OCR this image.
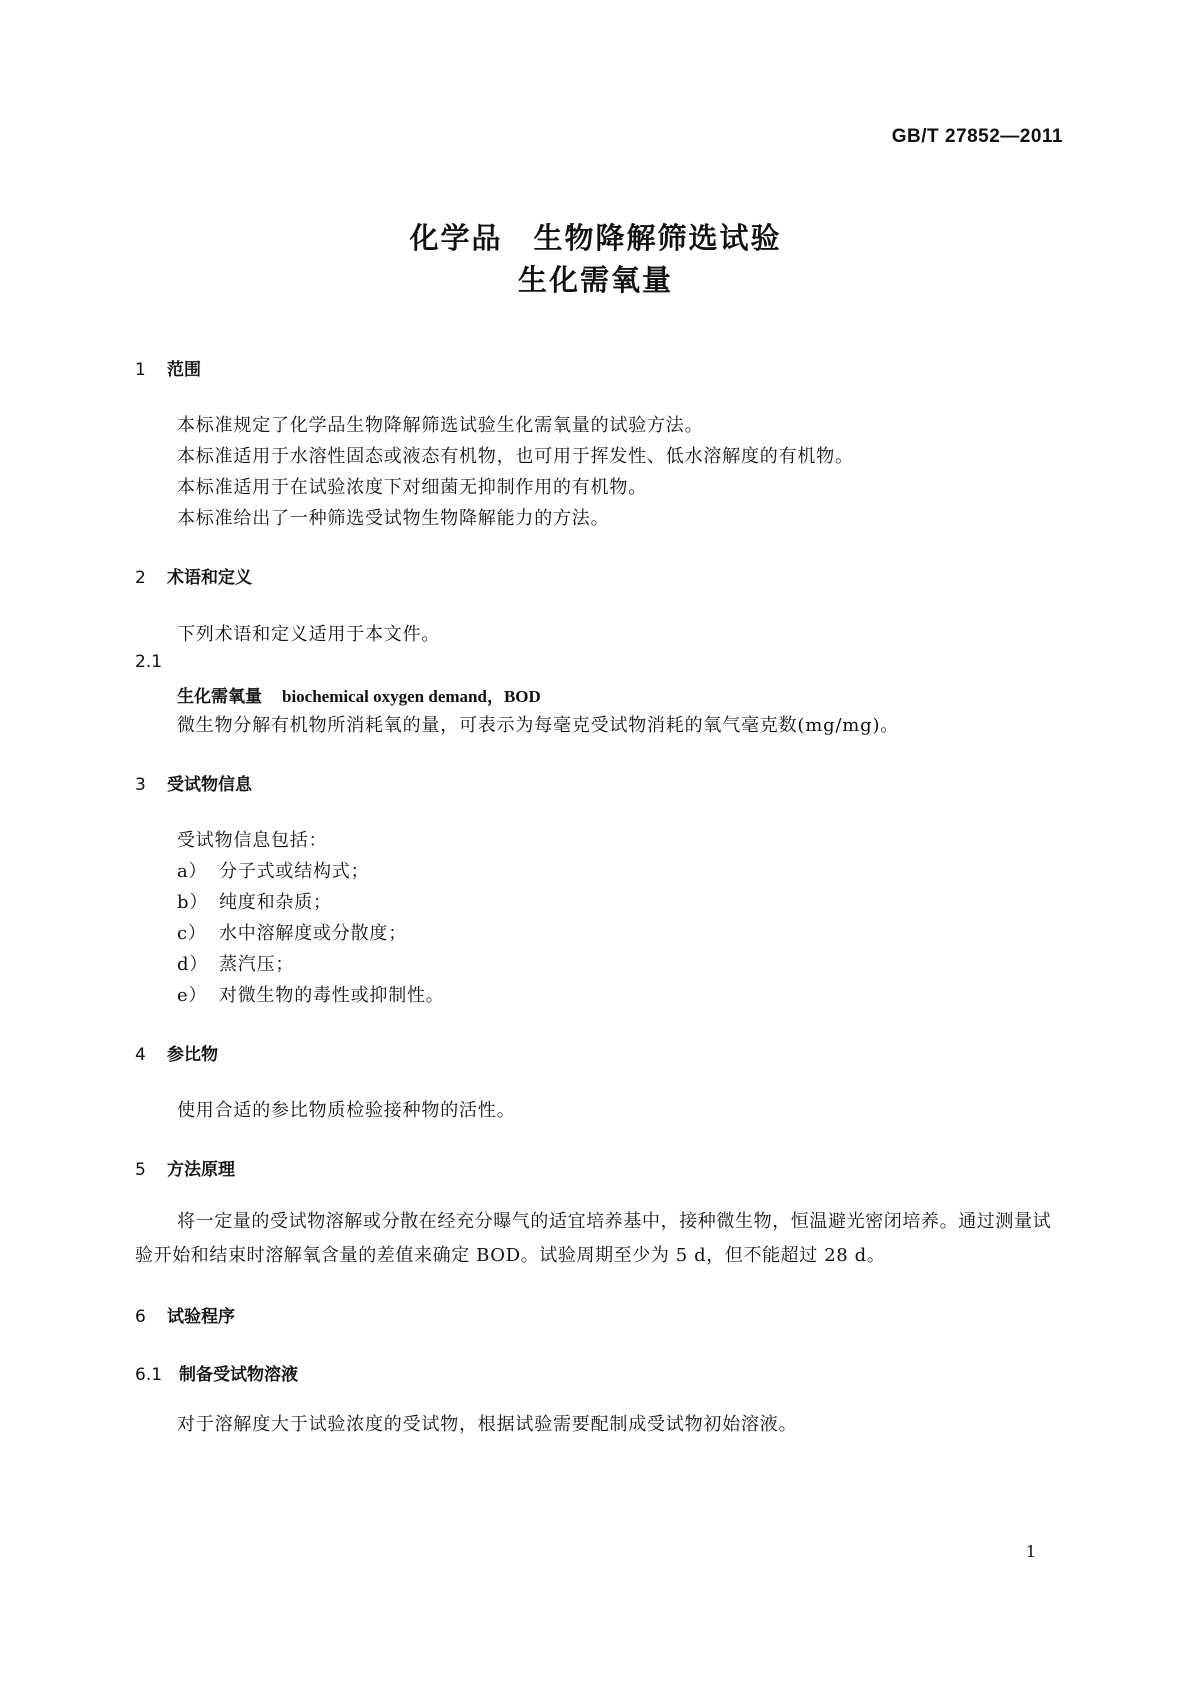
GB/T 27852—2011
化学品　生物降解筛选试验
生化需氧量
1 范围
本标准规定了化学品生物降解筛选试验生化需氧量的试验方法。
本标准适用于水溶性固态或液态有机物，也可用于挥发性、低水溶解度的有机物。
本标准适用于在试验浓度下对细菌无抑制作用的有机物。
本标准给出了一种筛选受试物生物降解能力的方法。
2 术语和定义
下列术语和定义适用于本文件。
2.1
生化需氧量 biochemical oxygen demand，BOD
微生物分解有机物所消耗氧的量，可表示为每毫克受试物消耗的氧气毫克数(mg/mg)。
3 受试物信息
受试物信息包括：
a） 分子式或结构式；
b） 纯度和杂质；
c） 水中溶解度或分散度；
d） 蒸汽压；
e） 对微生物的毒性或抑制性。
4 参比物
使用合适的参比物质检验接种物的活性。
5 方法原理
将一定量的受试物溶解或分散在经充分曝气的适宜培养基中，接种微生物，恒温避光密闭培养。通过测量试验开始和结束时溶解氧含量的差值来确定 BOD。试验周期至少为 5 d，但不能超过 28 d。
6 试验程序
6.1 制备受试物溶液
对于溶解度大于试验浓度的受试物，根据试验需要配制成受试物初始溶液。
1
